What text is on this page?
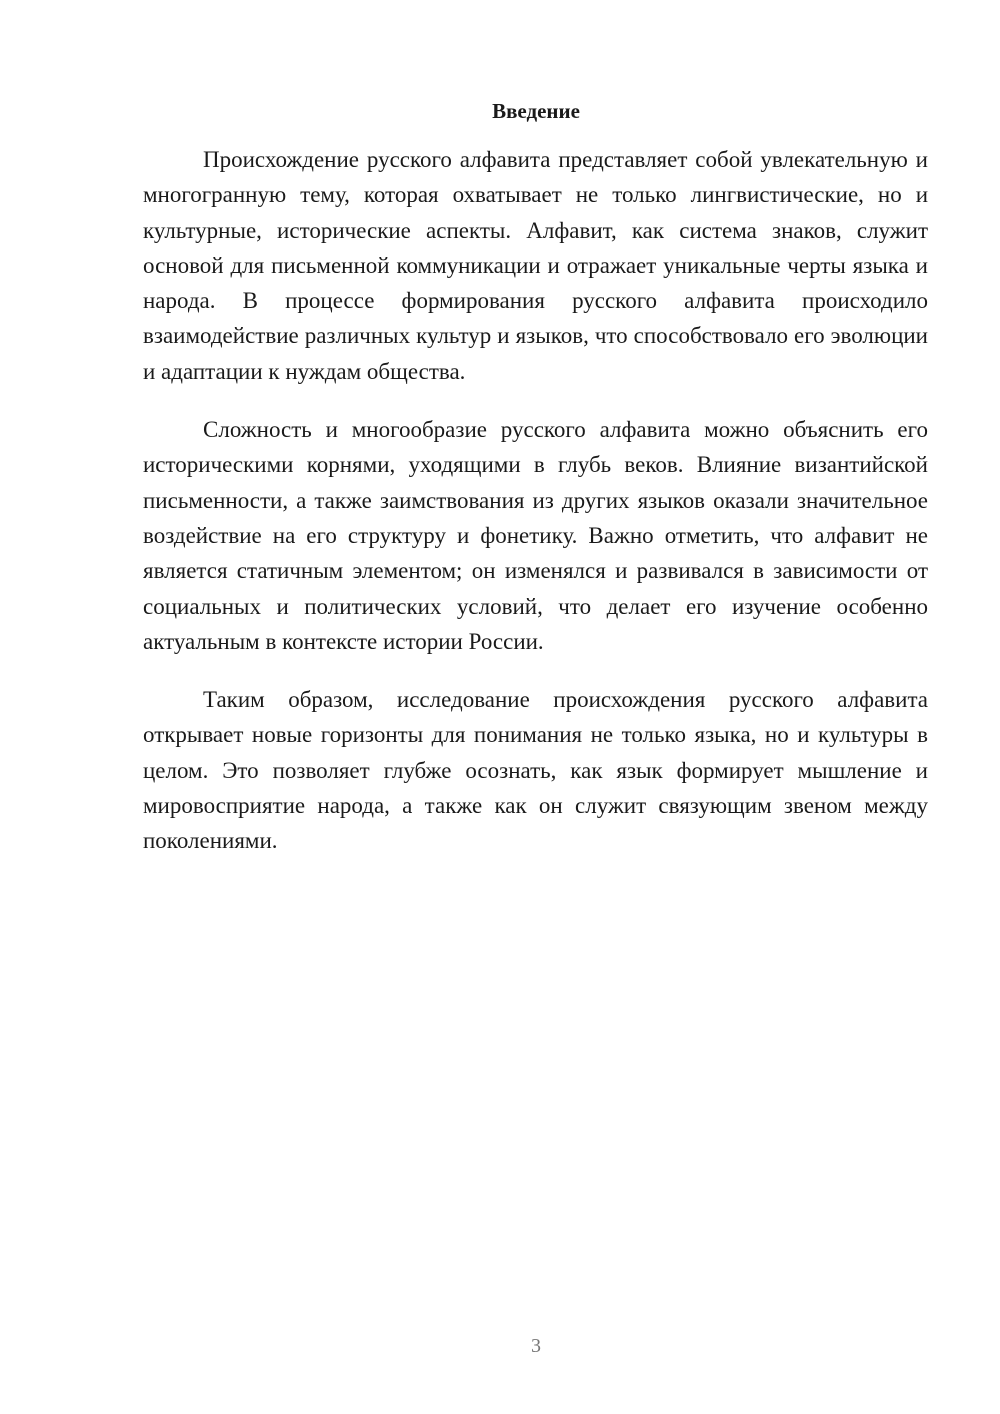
Введение

Происхождение русского алфавита представляет собой увлекательную и многогранную тему, которая охватывает не только лингвистические, но и культурные, исторические аспекты. Алфавит, как система знаков, служит основой для письменной коммуникации и отражает уникальные черты языка и народа. В процессе формирования русского алфавита происходило взаимодействие различных культур и языков, что способствовало его эволюции и адаптации к нуждам общества.

Сложность и многообразие русского алфавита можно объяснить его историческими корнями, уходящими в глубь веков. Влияние византийской письменности, а также заимствования из других языков оказали значительное воздействие на его структуру и фонетику. Важно отметить, что алфавит не является статичным элементом; он изменялся и развивался в зависимости от социальных и политических условий, что делает его изучение особенно актуальным в контексте истории России.

Таким образом, исследование происхождения русского алфавита открывает новые горизонты для понимания не только языка, но и культуры в целом. Это позволяет глубже осознать, как язык формирует мышление и мировосприятие народа, а также как он служит связующим звеном между поколениями.

3
